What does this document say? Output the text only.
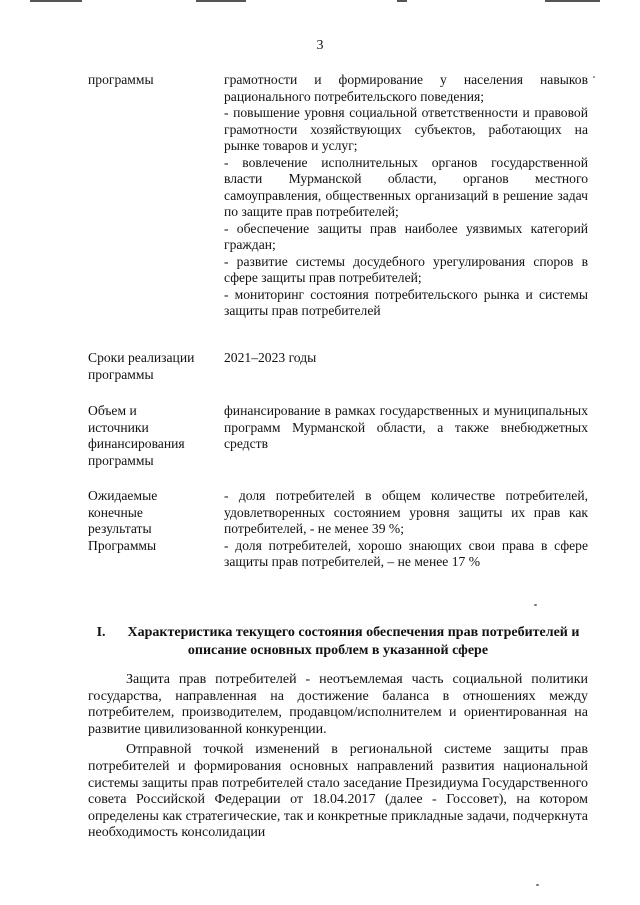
3
программы	грамотности и формирование у населения навыков рационального потребительского поведения;
- повышение уровня социальной ответственности и правовой грамотности хозяйствующих субъектов, работающих на рынке товаров и услуг;
- вовлечение исполнительных органов государственной власти Мурманской области, органов местного самоуправления, общественных организаций в решение задач по защите прав потребителей;
- обеспечение защиты прав наиболее уязвимых категорий граждан;
- развитие системы досудебного урегулирования споров в сфере защиты прав потребителей;
- мониторинг состояния потребительского рынка и системы защиты прав потребителей
Сроки реализации
программы
2021–2023 годы
Объем и
источники
финансирования
программы
финансирование в рамках государственных и муниципальных программ Мурманской области, а также внебюджетных средств
Ожидаемые
конечные
результаты
Программы
- доля потребителей в общем количестве потребителей, удовлетворенных состоянием уровня защиты их прав как потребителей, - не менее 39 %;
- доля потребителей, хорошо знающих свои права в сфере защиты прав потребителей, – не менее 17 %
I. Характеристика текущего состояния обеспечения прав потребителей и описание основных проблем в указанной сфере

Защита прав потребителей - неотъемлемая часть социальной политики государства, направленная на достижение баланса в отношениях между потребителем, производителем, продавцом/исполнителем и ориентированная на развитие цивилизованной конкуренции.

Отправной точкой изменений в региональной системе защиты прав потребителей и формирования основных направлений развития национальной системы защиты прав потребителей стало заседание Президиума Государственного совета Российской Федерации от 18.04.2017 (далее - Госсовет), на котором определены как стратегические, так и конкретные прикладные задачи, подчеркнута необходимость консолидации
